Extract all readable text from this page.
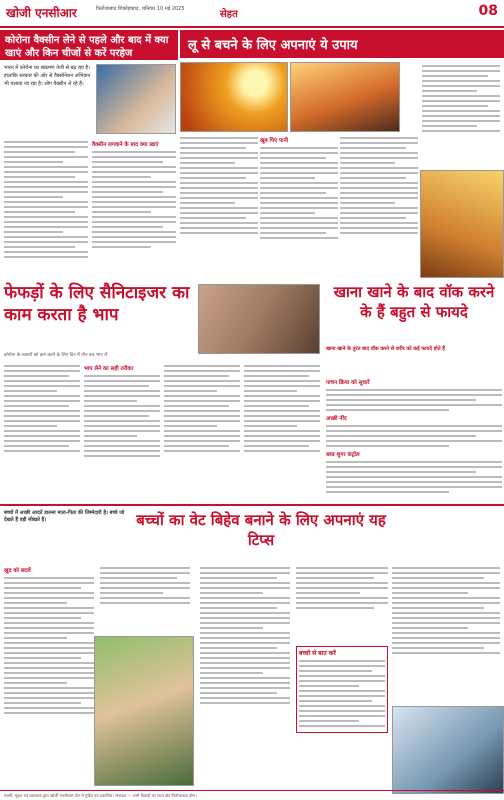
खोजी एनसीआर	फिरोजाबाद शिकोहाबाद, शनिवार 10 मई 2025	सेहत	08
कोरोना वैक्सीन लेने से पहले और बाद में क्या खाएं और किन चीजों से करें परहेज
भारत में कोरोना का संक्रमण तेजी से बढ़ रहा है। हालांकि सरकार की ओर से वैक्सीनेशन अभियान भी चलाया जा रहा है। लोग वैक्सीन ले रहे हैं।
वैक्सीन लगवाने के बाद क्या खाएं
लू से बचने के लिए अपनाएं ये उपाय
खूब पिएं पानी
फेफड़ों के लिए सैनिटाइजर का काम करता है भाप
कोरोना के लक्षणों को कम करने के लिए दिन में तीन बार भाप लें
भाप लेने का सही तरीका
खाना खाने के बाद वॉक करने के हैं बहुत से फायदे
खाना खाने के तुरंत बाद वॉक करने से शरीर को कई फायदे होते हैं
पाचन क्रिया को सुधारें
अच्छी नींद
ब्लड शुगर कंट्रोल
बच्चों में अच्छी आदतें डालना माता-पिता की जिम्मेदारी है। बच्चे जो देखते हैं वही सीखते हैं।	बच्चों का वेट बिहेव बनाने के लिए अपनाएं यह टिप्स
खुद को बदलें
बच्चों से बात करें
स्वामी, मुद्रक एवं प्रकाशक द्वारा खोजी एनसीआर प्रेस से मुद्रित एवं प्रकाशित। संपादक — सभी विवादों का न्याय क्षेत्र फिरोजाबाद होगा।
